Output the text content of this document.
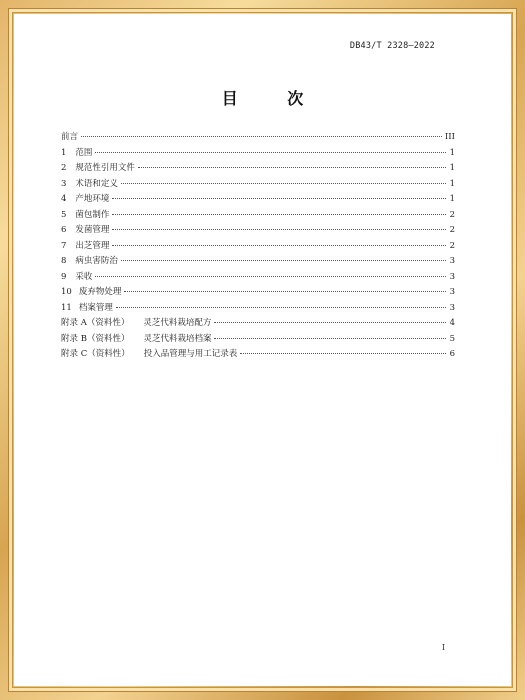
DB43/T 2328—2022
目 次
前言	III
1 范围	1
2 规范性引用文件	1
3 术语和定义	1
4 产地环境	1
5 菌包制作	2
6 发菌管理	2
7 出芝管理	2
8 病虫害防治	3
9 采收	3
10 废弃物处理	3
11 档案管理	3
附录 A（资料性） 灵芝代料栽培配方	4
附录 B（资料性） 灵芝代料栽培档案	5
附录 C（资料性） 投入品管理与用工记录表	6
I
